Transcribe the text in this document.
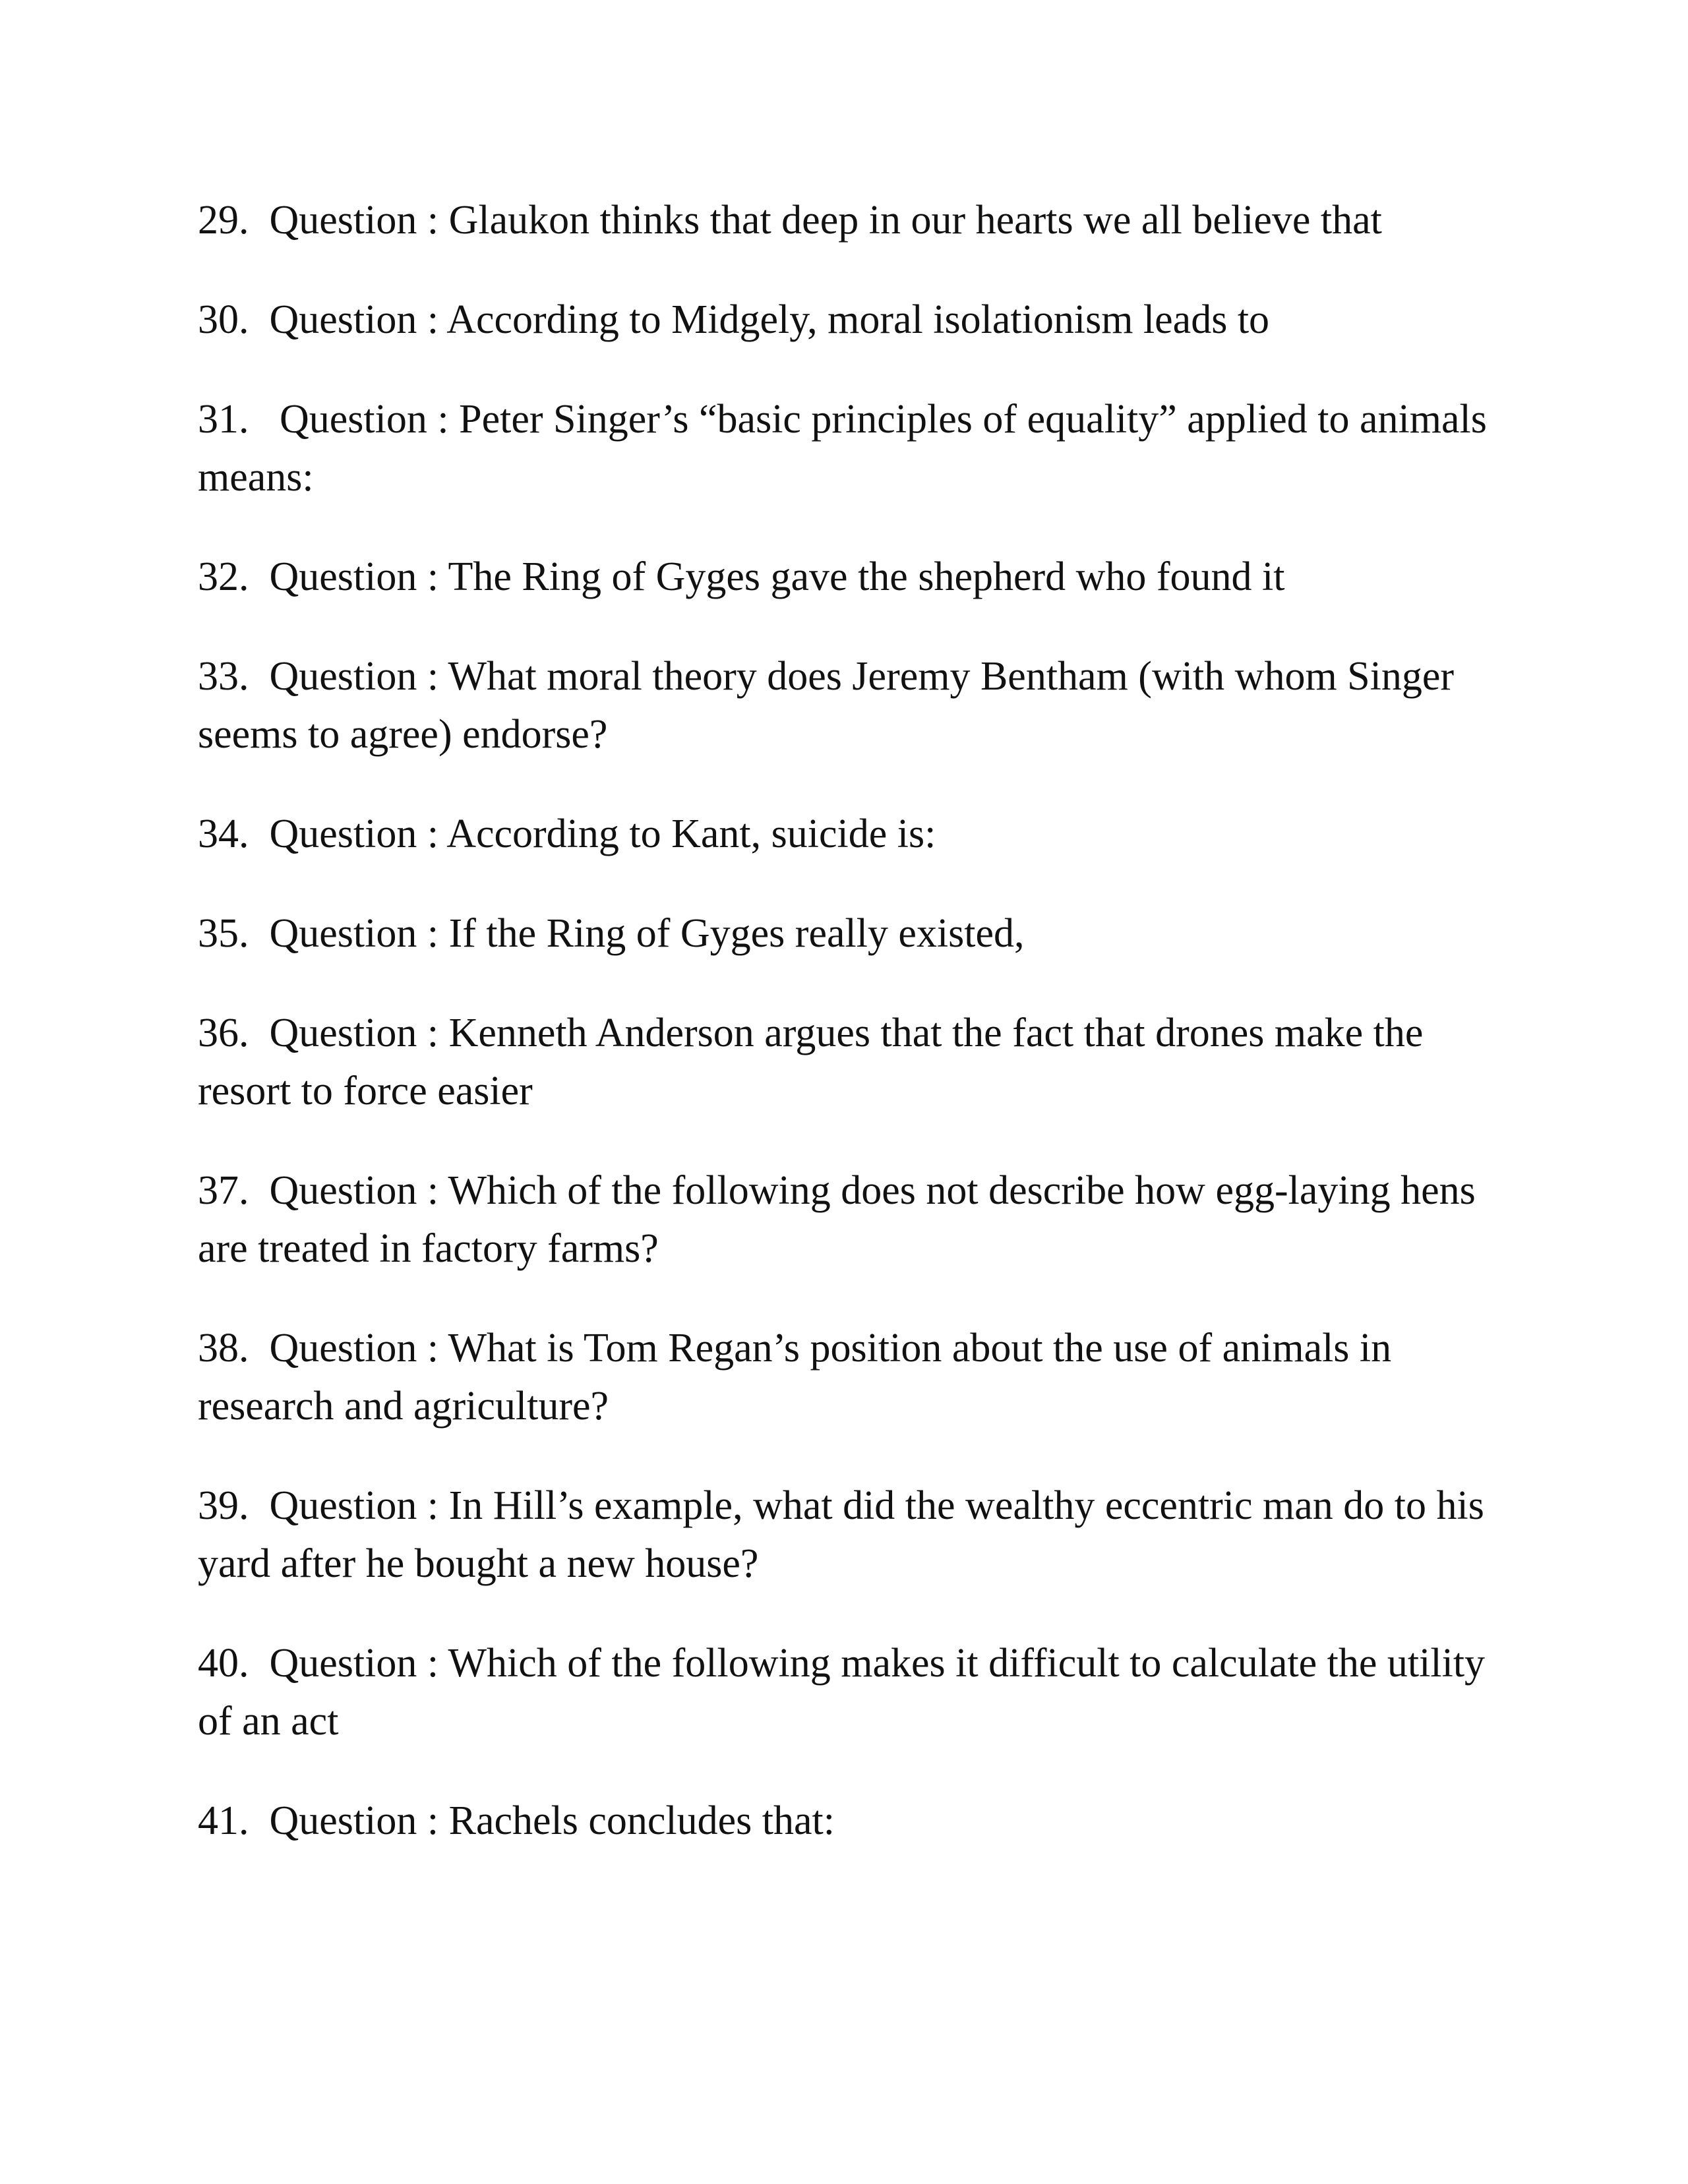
29. Question : Glaukon thinks that deep in our hearts we all believe that
30. Question : According to Midgely, moral isolationism leads to
31. Question : Peter Singer’s “basic principles of equality” applied to animals means:
32. Question : The Ring of Gyges gave the shepherd who found it
33. Question : What moral theory does Jeremy Bentham (with whom Singer seems to agree) endorse?
34. Question : According to Kant, suicide is:
35. Question : If the Ring of Gyges really existed,
36. Question : Kenneth Anderson argues that the fact that drones make the resort to force easier
37. Question : Which of the following does not describe how egg-laying hens are treated in factory farms?
38. Question : What is Tom Regan’s position about the use of animals in research and agriculture?
39. Question : In Hill’s example, what did the wealthy eccentric man do to his yard after he bought a new house?
40. Question : Which of the following makes it difficult to calculate the utility of an act
41. Question : Rachels concludes that:
